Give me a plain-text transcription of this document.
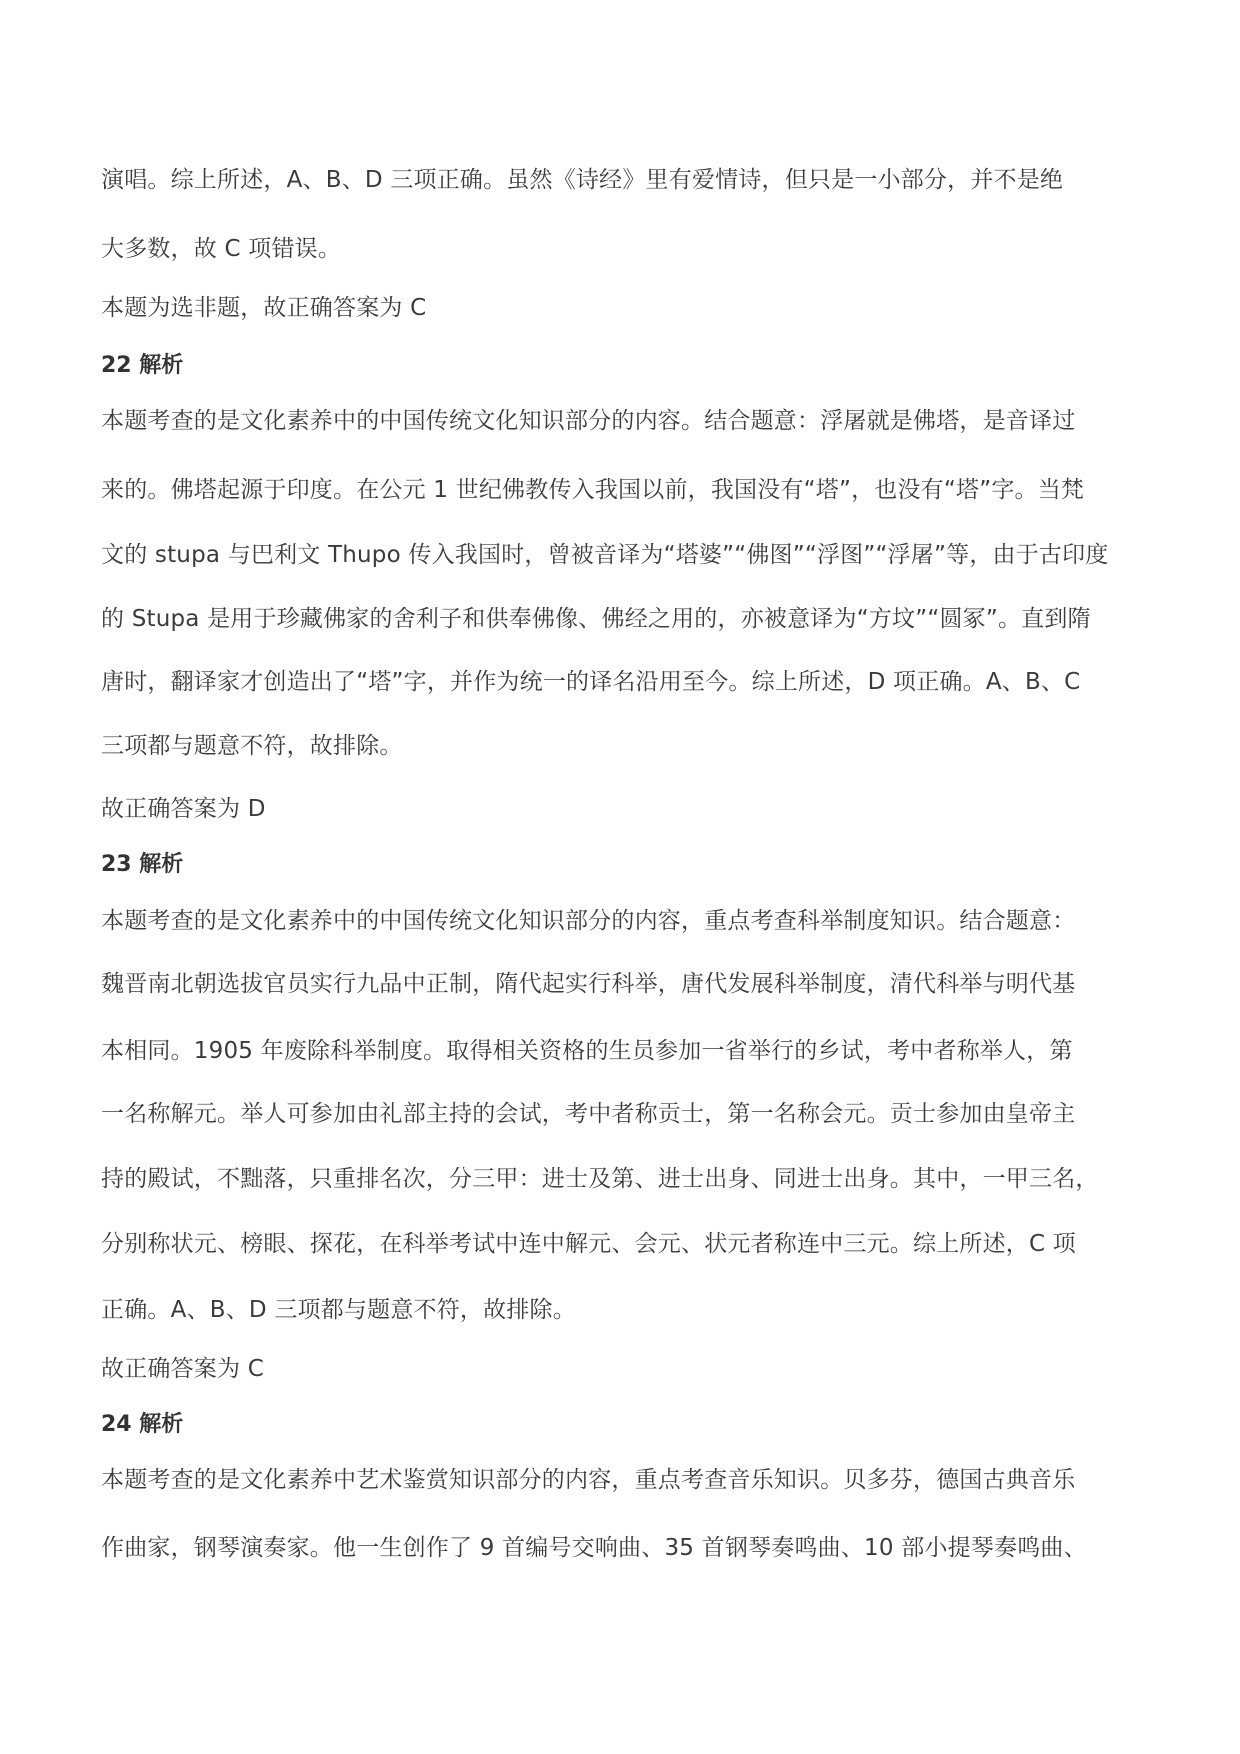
演唱。综上所述，A、B、D 三项正确。虽然《诗经》里有爱情诗，但只是一小部分，并不是绝
大多数，故 C 项错误。
本题为选非题，故正确答案为 C
22 解析
本题考查的是文化素养中的中国传统文化知识部分的内容。结合题意：浮屠就是佛塔，是音译过
来的。佛塔起源于印度。在公元 1 世纪佛教传入我国以前，我国没有“塔”，也没有“塔”字。当梵
文的 stupa 与巴利文 Thupo 传入我国时，曾被音译为“塔婆”“佛图”“浮图”“浮屠”等，由于古印度
的 Stupa 是用于珍藏佛家的舍利子和供奉佛像、佛经之用的，亦被意译为“方坟”“圆冢”。直到隋
唐时，翻译家才创造出了“塔”字，并作为统一的译名沿用至今。综上所述，D 项正确。A、B、C
三项都与题意不符，故排除。
故正确答案为 D
23 解析
本题考查的是文化素养中的中国传统文化知识部分的内容，重点考查科举制度知识。结合题意：
魏晋南北朝选拔官员实行九品中正制，隋代起实行科举，唐代发展科举制度，清代科举与明代基
本相同。1905 年废除科举制度。取得相关资格的生员参加一省举行的乡试，考中者称举人，第
一名称解元。举人可参加由礼部主持的会试，考中者称贡士，第一名称会元。贡士参加由皇帝主
持的殿试，不黜落，只重排名次，分三甲：进士及第、进士出身、同进士出身。其中，一甲三名，
分别称状元、榜眼、探花，在科举考试中连中解元、会元、状元者称连中三元。综上所述，C 项
正确。A、B、D 三项都与题意不符，故排除。
故正确答案为 C
24 解析
本题考查的是文化素养中艺术鉴赏知识部分的内容，重点考查音乐知识。贝多芬，德国古典音乐
作曲家，钢琴演奏家。他一生创作了 9 首编号交响曲、35 首钢琴奏鸣曲、10 部小提琴奏鸣曲、
